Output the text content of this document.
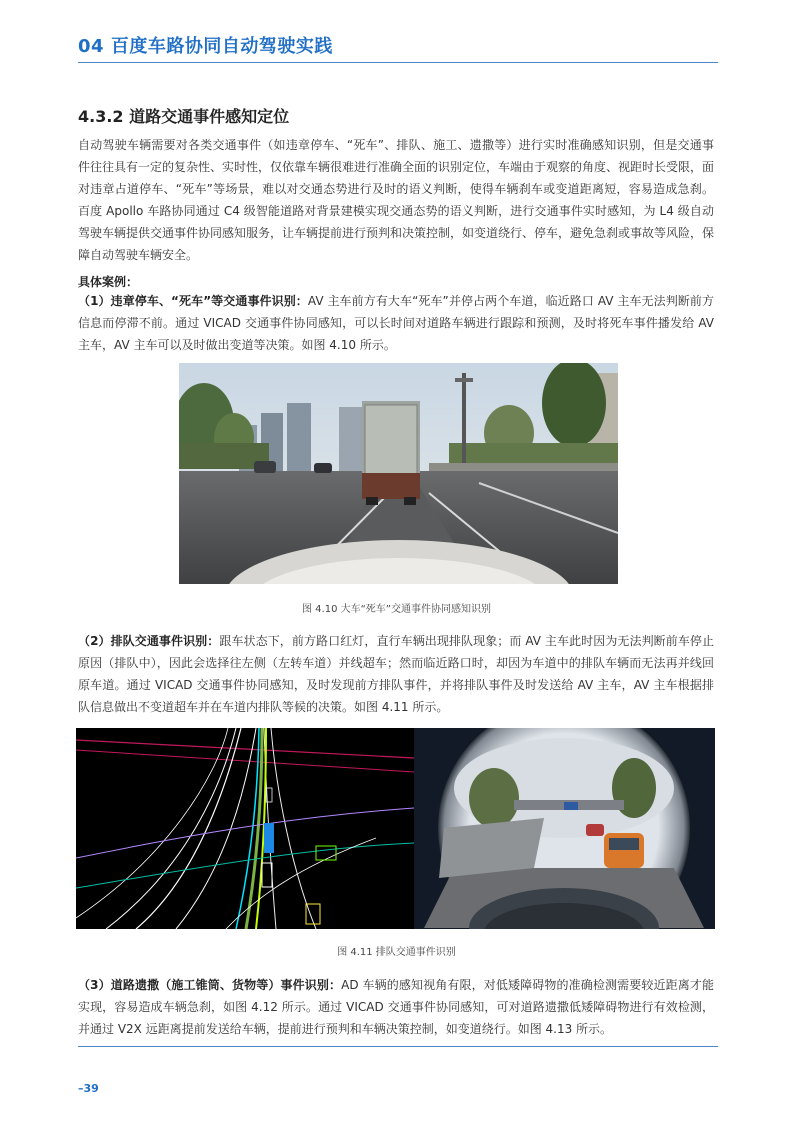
04 百度车路协同自动驾驶实践
4.3.2 道路交通事件感知定位

自动驾驶车辆需要对各类交通事件（如违章停车、“死车”、排队、施工、遗撒等）进行实时准确感知识别，但是交通事件往往具有一定的复杂性、实时性，仅依靠车辆很难进行准确全面的识别定位，车端由于观察的角度、视距时长受限，面对违章占道停车、“死车”等场景，难以对交通态势进行及时的语义判断，使得车辆刹车或变道距离短，容易造成急刹。百度 Apollo 车路协同通过 C4 级智能道路对背景建模实现交通态势的语义判断，进行交通事件实时感知，为 L4 级自动驾驶车辆提供交通事件协同感知服务，让车辆提前进行预判和决策控制，如变道绕行、停车，避免急刹或事故等风险，保障自动驾驶车辆安全。

具体案例：

（1）违章停车、“死车”等交通事件识别：AV 主车前方有大车“死车”并停占两个车道，临近路口 AV 主车无法判断前方信息而停滞不前。通过 VICAD 交通事件协同感知，可以长时间对道路车辆进行跟踪和预测，及时将死车事件播发给 AV 主车，AV 主车可以及时做出变道等决策。如图 4.10 所示。

图 4.10 大车“死车”交通事件协同感知识别

（2）排队交通事件识别：跟车状态下，前方路口红灯，直行车辆出现排队现象；而 AV 主车此时因为无法判断前车停止原因（排队中），因此会选择往左侧（左转车道）并线超车；然而临近路口时，却因为车道中的排队车辆而无法再并线回原车道。通过 VICAD 交通事件协同感知，及时发现前方排队事件，并将排队事件及时发送给 AV 主车，AV 主车根据排队信息做出不变道超车并在车道内排队等候的决策。如图 4.11 所示。

图 4.11 排队交通事件识别

（3）道路遗撒（施工锥筒、货物等）事件识别：AD 车辆的感知视角有限，对低矮障碍物的准确检测需要较近距离才能实现，容易造成车辆急刹，如图 4.12 所示。通过 VICAD 交通事件协同感知，可对道路遗撒低矮障碍物进行有效检测，并通过 V2X 远距离提前发送给车辆，提前进行预判和车辆决策控制，如变道绕行。如图 4.13 所示。

–39
